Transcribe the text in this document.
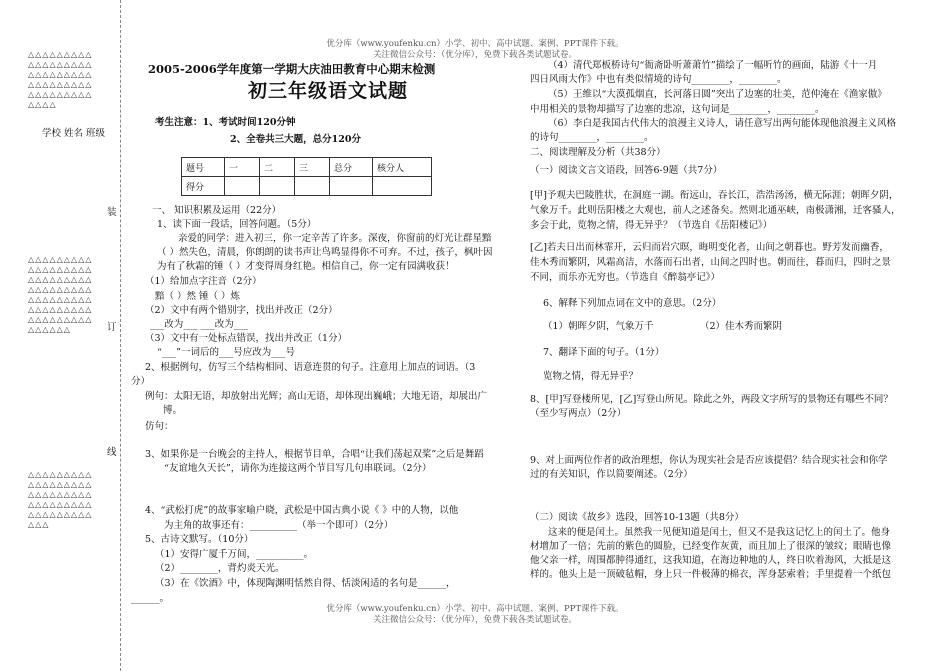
优分库（www.youfenku.cn）小学、初中、高中试题、案例、PPT课件下载。
关注微信公众号：（优分库），免费下载各类试题试卷。
优分库（www.youfenku.cn）小学、初中、高中试题、案例、PPT课件下载。
关注微信公众号：（优分库），免费下载各类试题试卷。
△△△△△△△△△△△△△△△△△△△△△△△△△△△△△△△△△△△△△△△△△△△△△△△△△
学校 姓名 班级
△△△△△△△△△△△△△△△△△△△△△△△△△△△△△△△△△△△△△△△△△△△△△△△△△△△△△△△△△△△△△△△△△△△△△
△△△△△△△△△△△△△△△△△△△△△△△△△△△△△△△△△△△△△△△△△△△△△△△△
装
订
线
2005-2006学年度第一学期大庆油田教育中心期末检测
初三年级语文试题
考生注意：1、考试时间120分钟
2、全卷共三大题，总分120分
题号	一	二	三	总分	核分人
得分					
一、 知识积累及运用（22分）
1、读下面一段话，回答问题。（5分）
亲爱的同学：进入初三，你一定辛苦了许多。深夜，你窗前的灯光让群星黯
（ ）然失色，清晨，你朗朗的读书声让鸟鸣显得你不可弃。不过，孩子，枫叶因
为有了秋霜的锤（ ）才变得周身红艳。相信自己，你一定有园满收获！
（1）给加点字注音（2分）
黯（ ）然 锤（ ）炼
（2）文中有两个错别字，找出并改正（2分）
___改为___ ___改为___
（3）文中有一处标点错误，找出并改正（1分）
“___”一词后的___号应改为___号
2、根据例句，仿写三个结构相同、语意连贯的句子。注意用上加点的词语。（3
分）
例句：太阳无语，却放射出光辉；高山无语，却体现出巍峨；大地无语，却展出广
博。
仿句：
3、如果你是一台晚会的主持人，根据节目单，合唱“让我们荡起双桨”之后是舞蹈
“友谊地久天长”，请你为连接这两个节目写几句串联词。（2分）
4、“武松打虎”的故事家喻户晓，武松是中国古典小说《 》中的人物，以他
为主角的故事还有：__________（举一个即可）（2分）
5、古诗文默写。（10分）
（1）安得广厦千万间，__________。
（2）________，背灼炎天光。
（3）在《饮酒》中，体现陶渊明恬然自得、恬淡闲适的名句是______，
______。
（4）清代郑板桥诗句“衙斋卧听萧萧竹”描绘了一幅听竹的画面，陆游《十一月
四日风雨大作》中也有类似情境的诗句________，________。
（5）王维以“大漠孤烟直，长河落日圆”突出了边塞的壮美，范仲淹在《渔家傲》
中用相关的景物却描写了边塞的悲凉，这句词是________，________。
（6）李白是我国古代伟大的浪漫主义诗人，请任意写出两句能体现他浪漫主义风格
的诗句________，________。
二、阅读理解及分析（共38分）
（一）阅读文言文语段，回答6-9题（共7分）
[甲]予观夫巴陵胜状，在洞庭一湖。衔远山，吞长江，浩浩汤汤，横无际涯；朝晖夕阴，
气象万千。此则岳阳楼之大观也，前人之述备矣。然则北通巫峡，南极潇湘，迁客骚人，
多会于此，览物之情，得无异乎？（节选自《岳阳楼记》）
[乙]若夫日出而林霏开，云归而岩穴暝，晦明变化者，山间之朝暮也。野芳发而幽香，
佳木秀而繁阴，风霜高洁，水落而石出者，山间之四时也。朝而往，暮而归，四时之景
不同，而乐亦无穷也。（节选自《醉翁亭记》）
6、解释下列加点词在文中的意思。（2分）
（1）朝晖夕阴，气象万千	（2）佳木秀而繁阴
7、翻译下面的句子。（1分）
览物之情，得无异乎？
8、[甲]写登楼所见，[乙]写登山所见。除此之外，两段文字所写的景物还有哪些不同？
（至少写两点）（2分）
9、对上面两位作者的政治理想，你认为现实社会是否应该提倡？结合现实社会和你学
过的有关知识，作以简要阐述。（2分）
（二）阅读《故乡》选段，回答10-13题（共8分）
这来的便是闰土。虽然我一见便知道是闰土，但又不是我这记忆上的闰土了。他身
材增加了一倍；先前的紫色的圆脸，已经变作灰黄，而且加上了很深的皱纹；眼睛也像
他父亲一样，周围都肿得通红，这我知道，在海边种地的人，终日吹着海风，大抵是这
样的。他头上是一顶破毡帽，身上只一件极薄的棉衣，浑身瑟索着；手里提着一个纸包
